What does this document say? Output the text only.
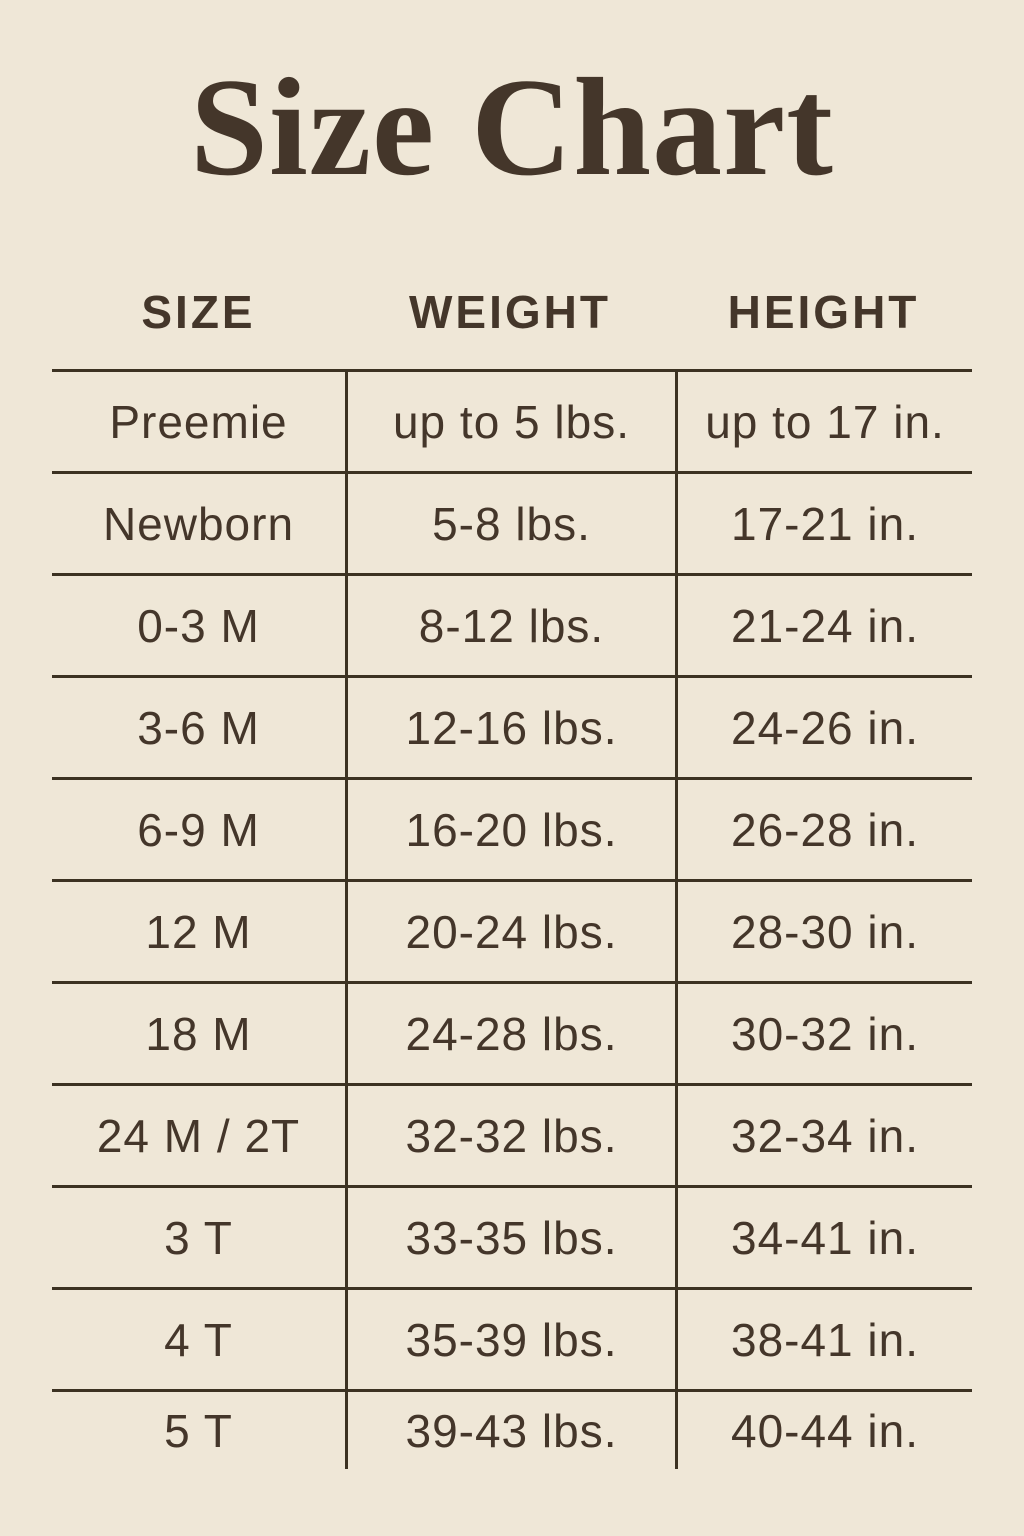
Size Chart
SIZE	WEIGHT	HEIGHT
Preemie	up to 5 lbs.	up to 17 in.
Newborn	5-8 lbs.	17-21 in.
0-3 M	8-12 lbs.	21-24 in.
3-6 M	12-16 lbs.	24-26 in.
6-9 M	16-20 lbs.	26-28 in.
12 M	20-24 lbs.	28-30 in.
18 M	24-28 lbs.	30-32 in.
24 M / 2T	32-32 lbs.	32-34 in.
3 T	33-35 lbs.	34-41 in.
4 T	35-39 lbs.	38-41 in.
5 T	39-43 lbs.	40-44 in.
